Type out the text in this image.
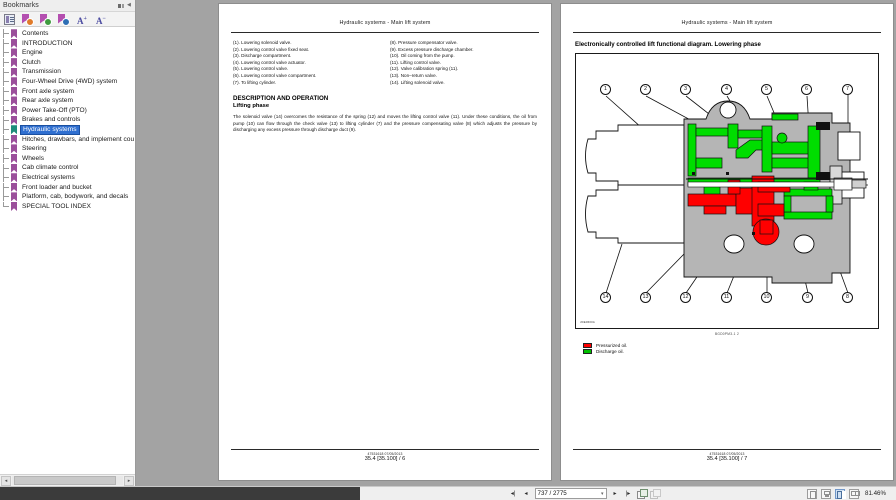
Bookmarks
◀
A+ A−
Contents
INTRODUCTION
Engine
Clutch
Transmission
Four-Wheel Drive (4WD) system
Front axle system
Rear axle system
Power Take-Off (PTO)
Brakes and controls
Hydraulic systems
Hitches, drawbars, and implement cou
Steering
Wheels
Cab climate control
Electrical systems
Front loader and bucket
Platform, cab, bodywork, and decals
SPECIAL TOOL INDEX
◂	▸
Hydraulic systems - Main lift system
(1). Lowering solenoid valve.
(2). Lowering control valve fixed seat.
(3). Discharge compartment.
(4). Lowering control valve actuator.
(5). Lowering control valve.
(6). Lowering control valve compartment.
(7). To lifting cylinder.
(8). Pressure compensator valve.
(9). Excess pressure discharge chamber.
(10). Oil coming from the pump.
(11). Lifting control valve.
(12). Valve calibration spring (11).
(13). Non–return valve.
(14). Lifting solenoid valve.
DESCRIPTION AND OPERATION
Lifting phase
The solenoid valve (14) overcomes the resistance of the spring (12) and moves the lifting control valve (11). Under these conditions, the oil from pump (10) can flow through the check valve (13) to lifting cylinder (7) and the pressure compensating valve (8) which adjusts the pressure by discharging any excess pressure through discharge duct (9).
47531618 07/05/2013
35.4 [35.100] / 6
Hydraulic systems - Main lift system
Electronically controlled lift functional diagram. Lowering phase
JDE0600A
1	2	3	4	5	6	7
14	13	12	11	10	9	8
BGD0PM3-1 2
Pressurized oil.
Discharge oil.
47531618 07/05/2013
35.4 [35.100] / 7
◂|	◂	737 / 2775	▾	▸	|▸	81.46%
